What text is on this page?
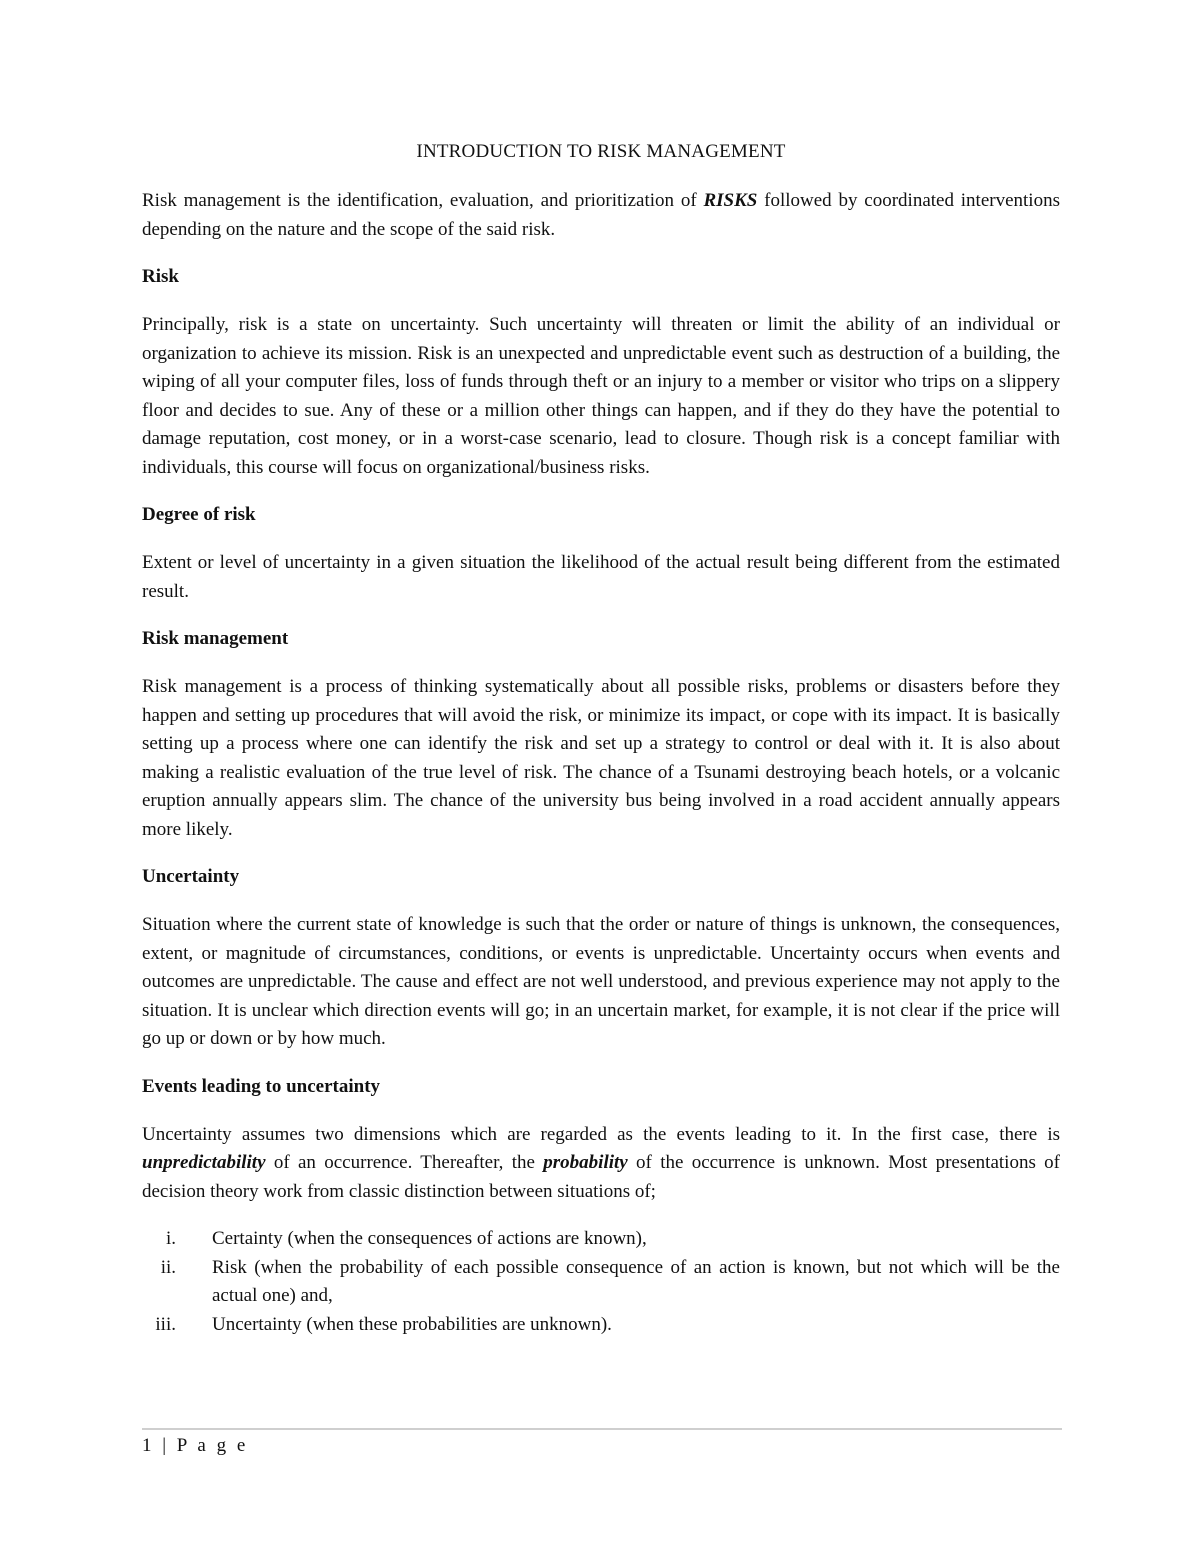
INTRODUCTION TO RISK MANAGEMENT

Risk management is the identification, evaluation, and prioritization of RISKS followed by coordinated interventions depending on the nature and the scope of the said risk.

Risk

Principally, risk is a state on uncertainty. Such uncertainty will threaten or limit the ability of an individual or organization to achieve its mission. Risk is an unexpected and unpredictable event such as destruction of a building, the wiping of all your computer files, loss of funds through theft or an injury to a member or visitor who trips on a slippery floor and decides to sue. Any of these or a million other things can happen, and if they do they have the potential to damage reputation, cost money, or in a worst-case scenario, lead to closure. Though risk is a concept familiar with individuals, this course will focus on organizational/business risks.

Degree of risk

Extent or level of uncertainty in a given situation the likelihood of the actual result being different from the estimated result.

Risk management

Risk management is a process of thinking systematically about all possible risks, problems or disasters before they happen and setting up procedures that will avoid the risk, or minimize its impact, or cope with its impact. It is basically setting up a process where one can identify the risk and set up a strategy to control or deal with it. It is also about making a realistic evaluation of the true level of risk. The chance of a Tsunami destroying beach hotels, or a volcanic eruption annually appears slim. The chance of the university bus being involved in a road accident annually appears more likely.

Uncertainty

Situation where the current state of knowledge is such that the order or nature of things is unknown, the consequences, extent, or magnitude of circumstances, conditions, or events is unpredictable. Uncertainty occurs when events and outcomes are unpredictable. The cause and effect are not well understood, and previous experience may not apply to the situation. It is unclear which direction events will go; in an uncertain market, for example, it is not clear if the price will go up or down or by how much.

Events leading to uncertainty

Uncertainty assumes two dimensions which are regarded as the events leading to it. In the first case, there is unpredictability of an occurrence. Thereafter, the probability of the occurrence is unknown. Most presentations of decision theory work from classic distinction between situations of;

i. Certainty (when the consequences of actions are known),
ii. Risk (when the probability of each possible consequence of an action is known, but not which will be the actual one) and,
iii. Uncertainty (when these probabilities are unknown).
1 | P a g e
